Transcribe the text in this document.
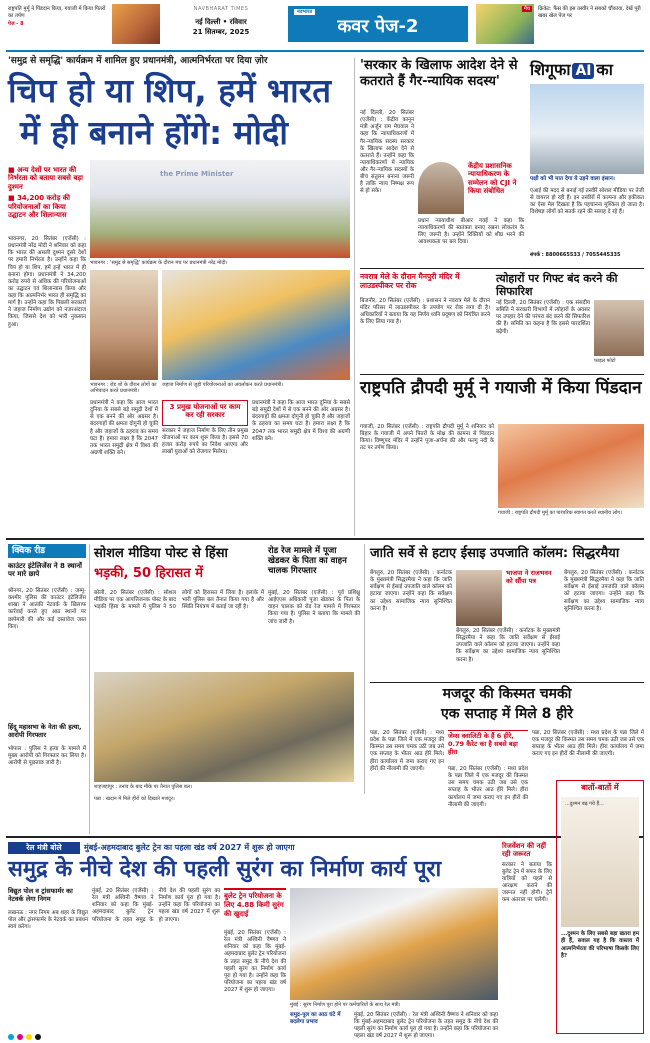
राष्ट्रपति मुर्मू ने पिंडदान किया, गयाजी में किया पितरों का तर्पण
पेज - 8
NAVBHARAT TIMES
नई दिल्ली • रविवार
21 सितम्बर, 2025
नवभारत
कवर पेज-2
मैच	क्रिकेट: फैंस की इस तस्वीर ने सबको चौंकाया, देखें पूरी खबर खेल पेज पर
'समुद्र से समृद्धि' कार्यक्रम में शामिल हुए प्रधानमंत्री, आत्मनिर्भरता पर दिया ज़ोर
चिप हो या शिप, हमें भारत
में ही बनाने होंगे: मोदी
■ अन्य देशों पर भारत की निर्भरता को बताया सबसे बड़ा दुश्मन
■ 34,200 करोड़ की परियोजनाओं का किया उद्घाटन और शिलान्यास
the Prime Minister
भावनगर : 'समुद्र से समृद्धि' कार्यक्रम के दौरान मंच पर प्रधानमंत्री नरेंद्र मोदी।
भावनगर, 20 सितंबर (एजेंसी) : प्रधानमंत्री नरेंद्र मोदी ने शनिवार को कहा कि भारत की असली दुश्मन दूसरे देशों पर हमारी निर्भरता है। उन्होंने कहा कि चिप हो या शिप, हमें इन्हें भारत में ही बनाना होगा। प्रधानमंत्री ने 34,200 करोड़ रुपये से अधिक की परियोजनाओं का उद्घाटन एवं शिलान्यास किया और कहा कि आत्मनिर्भर भारत ही समृद्धि का मार्ग है। उन्होंने कहा कि पिछली सरकारों ने जहाज निर्माण उद्योग को नजरअंदाज किया, जिससे देश को भारी नुकसान हुआ।
भावनगर : रोड शो के दौरान लोगों का अभिवादन करते प्रधानमंत्री।
जहाज निर्माण से जुड़ी परियोजनाओं का अवलोकन करते प्रधानमंत्री।
प्रधानमंत्री ने कहा कि आज भारत दुनिया के सबसे बड़े समुद्री देशों में से एक बनने की ओर अग्रसर है। बंदरगाहों की क्षमता दोगुनी हो चुकी है और जहाजों के ठहराव का समय घटा है। हमारा लक्ष्य है कि 2047 तक भारत समुद्री क्षेत्र में विश्व की अग्रणी शक्ति बने।
3 प्रमुख योजनाओं पर काम कर रही सरकार
सरकार ने जहाज निर्माण के लिए तीन प्रमुख योजनाओं पर काम शुरू किया है। इससे 70 हजार करोड़ रुपये का निवेश आएगा और लाखों युवाओं को रोजगार मिलेगा।
प्रधानमंत्री ने कहा कि आज भारत दुनिया के सबसे बड़े समुद्री देशों में से एक बनने की ओर अग्रसर है। बंदरगाहों की क्षमता दोगुनी हो चुकी है और जहाजों के ठहराव का समय घटा है। हमारा लक्ष्य है कि 2047 तक भारत समुद्री क्षेत्र में विश्व की अग्रणी शक्ति बने।
'सरकार के खिलाफ आदेश देने से कतराते हैं गैर-न्यायिक सदस्य'
नई दिल्ली, 20 सितंबर (एजेंसी) : केंद्रीय कानून मंत्री अर्जुन राम मेघवाल ने कहा कि न्यायाधिकरणों में गैर-न्यायिक सदस्य सरकार के खिलाफ आदेश देने से कतराते हैं। उन्होंने कहा कि न्यायाधिकरणों में न्यायिक और गैर-न्यायिक सदस्यों के बीच संतुलन बनाना जरूरी है ताकि न्याय निष्पक्ष रूप से हो सके।
केंद्रीय प्रशासनिक न्यायाधिकरण के सम्मेलन को CJI ने किया संबोधित
प्रधान न्यायाधीश बीआर गवई ने कहा कि न्यायाधिकरणों की स्वतंत्रता बनाए रखना लोकतंत्र के लिए जरूरी है। उन्होंने रिक्तियों को शीघ्र भरने की आवश्यकता पर बल दिया।
शिगूफा AI का
पक्षी को भी मात देगा ये उड़ने वाला इंसान।
एआई की मदद से बनाई गई तस्वीरें सोशल मीडिया पर तेजी से वायरल हो रही हैं। इन तस्वीरों में कल्पना और हकीकत का ऐसा मेल दिखता है कि पहचानना मुश्किल हो जाता है। विशेषज्ञ लोगों को सतर्क रहने की सलाह दे रहे हैं।
संपर्क : 8800665533 / 7055445335
नवरात्र मेले के दौरान मैनपुरी मंदिर में लाउडस्पीकर पर रोक
बिजनौर, 20 सितंबर (एजेंसी) : प्रशासन ने नवरात्र मेले के दौरान मंदिर परिसर में लाउडस्पीकर के उपयोग पर रोक लगा दी है। अधिकारियों ने बताया कि यह निर्णय ध्वनि प्रदूषण को नियंत्रित करने के लिए लिया गया है।
त्योहारों पर गिफ्ट बंद करने की सिफारिश
नई दिल्ली, 20 सितंबर (एजेंसी) : एक संसदीय समिति ने सरकारी विभागों में त्योहारों के अवसर पर उपहार देने की परंपरा बंद करने की सिफारिश की है। समिति का कहना है कि इससे पारदर्शिता बढ़ेगी।
फाइल फोटो
राष्ट्रपति द्रौपदी मुर्मू ने गयाजी में किया पिंडदान
गयाजी, 20 सितंबर (एजेंसी) : राष्ट्रपति द्रौपदी मुर्मू ने शनिवार को बिहार के गयाजी में अपने पितरों के मोक्ष की कामना से पिंडदान किया। विष्णुपद मंदिर में उन्होंने पूजा-अर्चना की और फल्गु नदी के तट पर तर्पण किया।
गयाजी : राष्ट्रपति द्रौपदी मुर्मू का पारंपरिक स्वागत करते स्थानीय लोग।
क्विक रीड
काउंटर इंटेलिजेंस ने 8 स्थानों पर मारे छापे
श्रीनगर, 20 सितंबर (एजेंसी) : जम्मू-कश्मीर पुलिस की काउंटर इंटेलिजेंस शाखा ने आतंकी नेटवर्क के खिलाफ कार्रवाई करते हुए आठ स्थानों पर छापेमारी की और कई दस्तावेज जब्त किए।
हिंदू महासभा के नेता की हत्या, आरोपी गिरफ्तार
भोपाल : पुलिस ने हत्या के मामले में मुख्य आरोपी को गिरफ्तार कर लिया है। आरोपी से पूछताछ जारी है।
सोशल मीडिया पोस्ट से हिंसा
भड़की, 50 हिरासत में
बरेली, 20 सितंबर (एजेंसी) : सोशल मीडिया पर एक आपत्तिजनक पोस्ट के बाद भड़की हिंसा के मामले में पुलिस ने 50 लोगों को हिरासत में लिया है। इलाके में भारी पुलिस बल तैनात किया गया है और स्थिति नियंत्रण में बताई जा रही है।
शाहजहांपुर : तनाव के बाद मौके पर तैनात पुलिस बल।
रोड रेज मामले में पूजा खेडकर के पिता का वाहन चालक गिरफ्तार
मुंबई, 20 सितंबर (एजेंसी) : पूर्व प्रशिक्षु आईएएस अधिकारी पूजा खेडकर के पिता के वाहन चालक को रोड रेज मामले में गिरफ्तार किया गया है। पुलिस ने बताया कि मामले की जांच जारी है।
जाति सर्वे से हटाए ईसाइ उपजाति कॉलम: सिद्धरमैया
बेंगलुरु, 20 सितंबर (एजेंसी) : कर्नाटक के मुख्यमंत्री सिद्धरमैया ने कहा कि जाति सर्वेक्षण से ईसाई उपजाति वाले कॉलम को हटाया जाएगा। उन्होंने कहा कि सर्वेक्षण का उद्देश्य सामाजिक न्याय सुनिश्चित करना है।
भाजपा ने राजभवन को सौंपा पत्र
बेंगलुरु, 20 सितंबर (एजेंसी) : कर्नाटक के मुख्यमंत्री सिद्धरमैया ने कहा कि जाति सर्वेक्षण से ईसाई उपजाति वाले कॉलम को हटाया जाएगा। उन्होंने कहा कि सर्वेक्षण का उद्देश्य सामाजिक न्याय सुनिश्चित करना है।
बेंगलुरु, 20 सितंबर (एजेंसी) : कर्नाटक के मुख्यमंत्री सिद्धरमैया ने कहा कि जाति सर्वेक्षण से ईसाई उपजाति वाले कॉलम को हटाया जाएगा। उन्होंने कहा कि सर्वेक्षण का उद्देश्य सामाजिक न्याय सुनिश्चित करना है।
मजदूर की किस्मत चमकी
एक सप्ताह में मिले 8 हीरे
पन्ना, 20 सितंबर (एजेंसी) : मध्य प्रदेश के पन्ना जिले में एक मजदूर की किस्मत उस समय चमक उठी जब उसे एक सप्ताह के भीतर आठ हीरे मिले। हीरा कार्यालय में जमा कराए गए इन हीरों की नीलामी की जाएगी।
जेम्स क्वालिटी के हैं 6 हीरे, 0.79 कैरेट का है सबसे बड़ा हीरा
पन्ना, 20 सितंबर (एजेंसी) : मध्य प्रदेश के पन्ना जिले में एक मजदूर की किस्मत उस समय चमक उठी जब उसे एक सप्ताह के भीतर आठ हीरे मिले। हीरा कार्यालय में जमा कराए गए इन हीरों की नीलामी की जाएगी।
पन्ना, 20 सितंबर (एजेंसी) : मध्य प्रदेश के पन्ना जिले में एक मजदूर की किस्मत उस समय चमक उठी जब उसे एक सप्ताह के भीतर आठ हीरे मिले। हीरा कार्यालय में जमा कराए गए इन हीरों की नीलामी की जाएगी।
पन्ना : खदान में मिले हीरों को दिखाते मजदूर।
रेल मंत्री बोले	मुंबई-अहमदाबाद बुलेट ट्रेन का पहला खंड वर्ष 2027 में शुरू हो जाएगा
समुद्र के नीचे देश की पहली सुरंग का निर्माण कार्य पूरा
विद्युत पोल व ट्रांसफार्मर का नेटवर्क लेगा निगम
लखनऊ : नगर निगम अब शहर के विद्युत पोल और ट्रांसफार्मर के नेटवर्क का प्रबंधन स्वयं करेगा।
मुंबई, 20 सितंबर (एजेंसी) : रेल मंत्री अश्विनी वैष्णव ने शनिवार को कहा कि मुंबई-अहमदाबाद बुलेट ट्रेन परियोजना के तहत समुद्र के नीचे देश की पहली सुरंग का निर्माण कार्य पूरा हो गया है। उन्होंने कहा कि परियोजना का पहला खंड वर्ष 2027 में शुरू हो जाएगा।
बुलेट ट्रेन परियोजना के लिए 4.88 किमी सुरंग की खुदाई
मुंबई, 20 सितंबर (एजेंसी) : रेल मंत्री अश्विनी वैष्णव ने शनिवार को कहा कि मुंबई-अहमदाबाद बुलेट ट्रेन परियोजना के तहत समुद्र के नीचे देश की पहली सुरंग का निर्माण कार्य पूरा हो गया है। उन्होंने कहा कि परियोजना का पहला खंड वर्ष 2027 में शुरू हो जाएगा।
मुंबई : सुरंग निर्माण पूरा होने पर कर्मचारियों के साथ रेल मंत्री।
समुद्र-पुल का आठ घंटे में बदलेगा प्रभाव
मुंबई, 20 सितंबर (एजेंसी) : रेल मंत्री अश्विनी वैष्णव ने शनिवार को कहा कि मुंबई-अहमदाबाद बुलेट ट्रेन परियोजना के तहत समुद्र के नीचे देश की पहली सुरंग का निर्माण कार्य पूरा हो गया है। उन्होंने कहा कि परियोजना का पहला खंड वर्ष 2027 में शुरू हो जाएगा।
रिजर्वेशन की नहीं रही जरूरत
सरकार ने बताया कि बुलेट ट्रेन में सफर के लिए यात्रियों को पहले से आरक्षण कराने की जरूरत नहीं होगी। ट्रेनें कम अंतराल पर चलेंगी।
बातों-बातों में
...दुश्मन बढ़ गये हैं...
...दुश्मन के लिए सबसे बड़ा खतरा हम ही हैं, सवाल यह है कि वास्तव में आत्मनिर्भरता की परिभाषा किसके लिए है?
